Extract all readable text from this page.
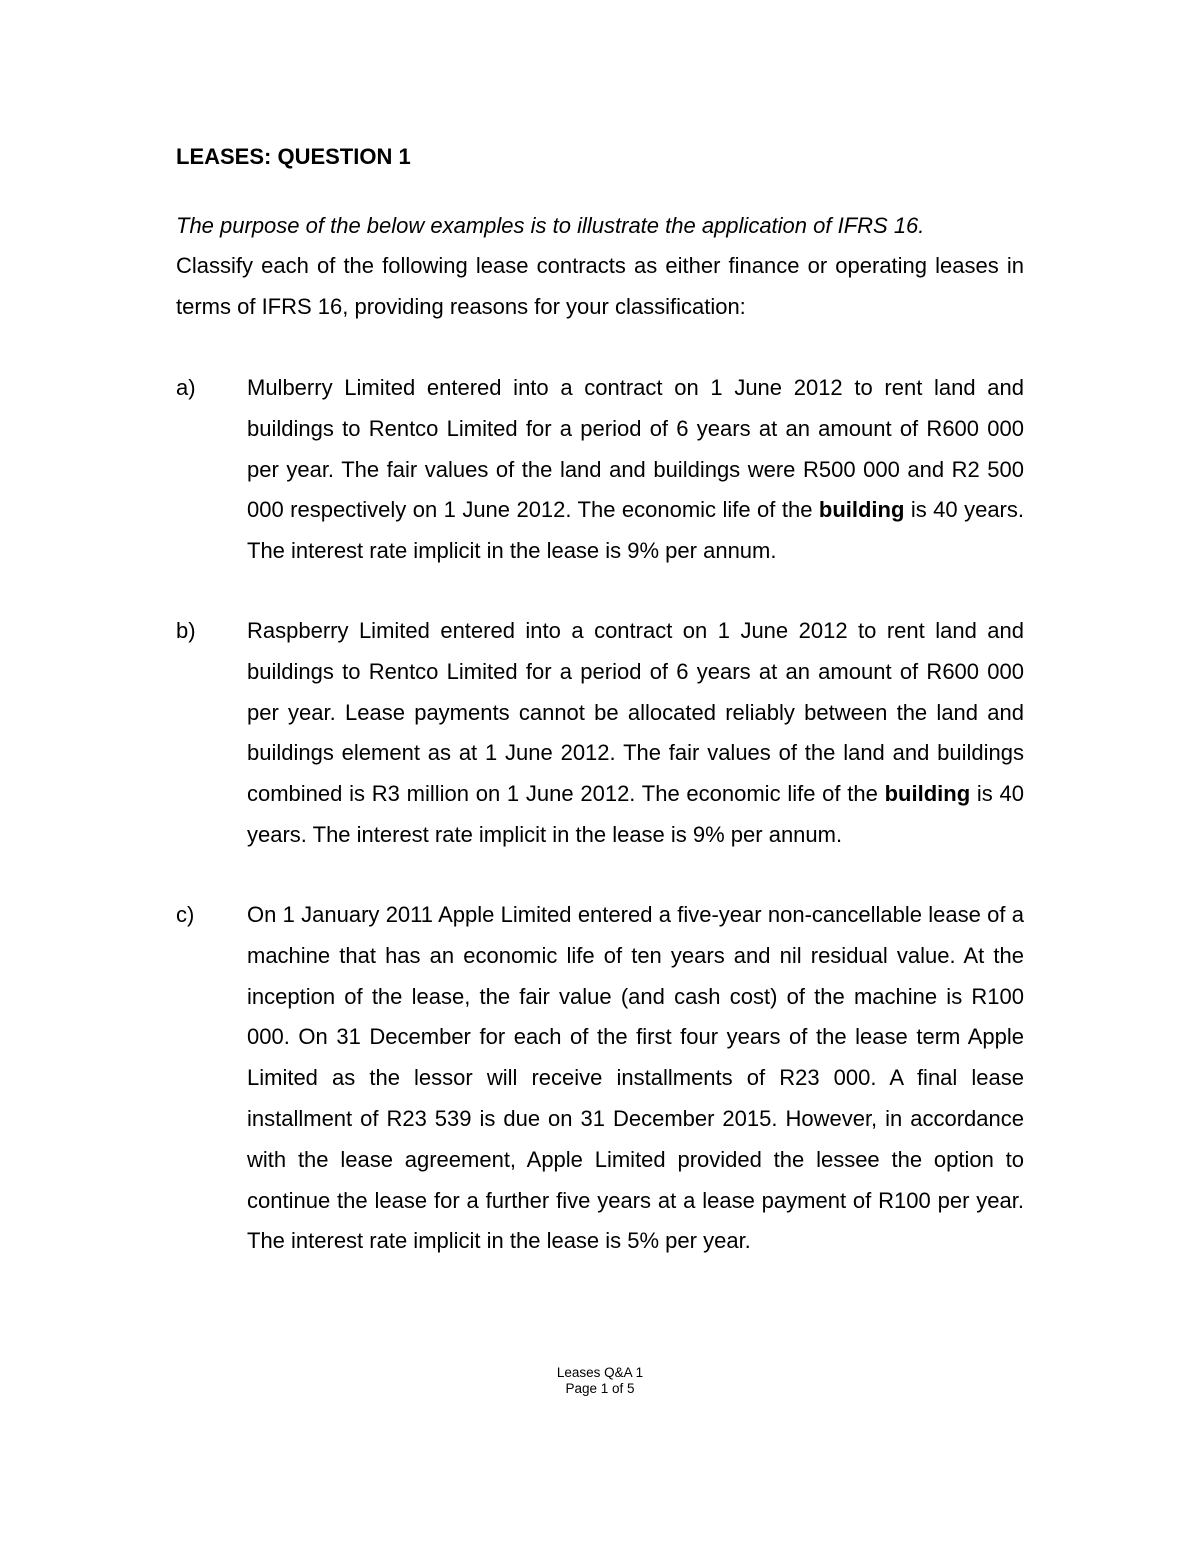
LEASES: QUESTION 1
The purpose of the below examples is to illustrate the application of IFRS 16.
Classify each of the following lease contracts as either finance or operating leases in terms of IFRS 16, providing reasons for your classification:
a)	Mulberry Limited entered into a contract on 1 June 2012 to rent land and buildings to Rentco Limited for a period of 6 years at an amount of R600 000 per year. The fair values of the land and buildings were R500 000 and R2 500 000 respectively on 1 June 2012. The economic life of the building is 40 years. The interest rate implicit in the lease is 9% per annum.
b)	Raspberry Limited entered into a contract on 1 June 2012 to rent land and buildings to Rentco Limited for a period of 6 years at an amount of R600 000 per year. Lease payments cannot be allocated reliably between the land and buildings element as at 1 June 2012. The fair values of the land and buildings combined is R3 million on 1 June 2012. The economic life of the building is 40 years. The interest rate implicit in the lease is 9% per annum.
c)	On 1 January 2011 Apple Limited entered a five-year non-cancellable lease of a machine that has an economic life of ten years and nil residual value. At the inception of the lease, the fair value (and cash cost) of the machine is R100 000. On 31 December for each of the first four years of the lease term Apple Limited as the lessor will receive installments of R23 000. A final lease installment of R23 539 is due on 31 December 2015. However, in accordance with the lease agreement, Apple Limited provided the lessee the option to continue the lease for a further five years at a lease payment of R100 per year. The interest rate implicit in the lease is 5% per year.
Leases Q&A 1
Page 1 of 5
